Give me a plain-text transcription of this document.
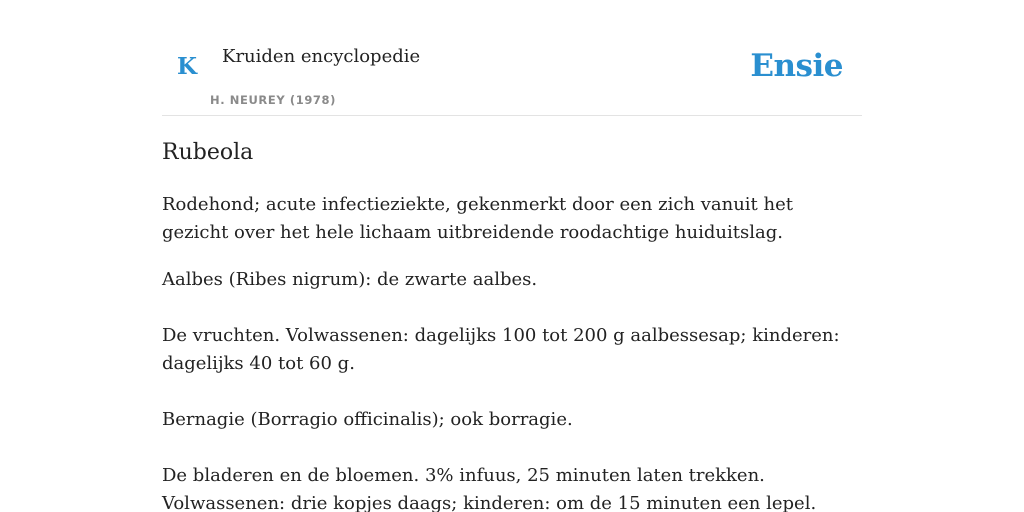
K Kruiden encyclopedie
H. NEUREY (1978)
Ensie
Rubeola

Rodehond; acute infectieziekte, gekenmerkt door een zich vanuit het gezicht over het hele lichaam uitbreidende roodachtige huiduitslag.

Aalbes (Ribes nigrum): de zwarte aalbes.

De vruchten. Volwassenen: dagelijks 100 tot 200 g aalbessesap; kinderen: dagelijks 40 tot 60 g.

Bernagie (Borragio officinalis); ook borragie.

De bladeren en de bloemen. 3% infuus, 25 minuten laten trekken. Volwassenen: drie kopjes daags; kinderen: om de 15 minuten een lepel.
